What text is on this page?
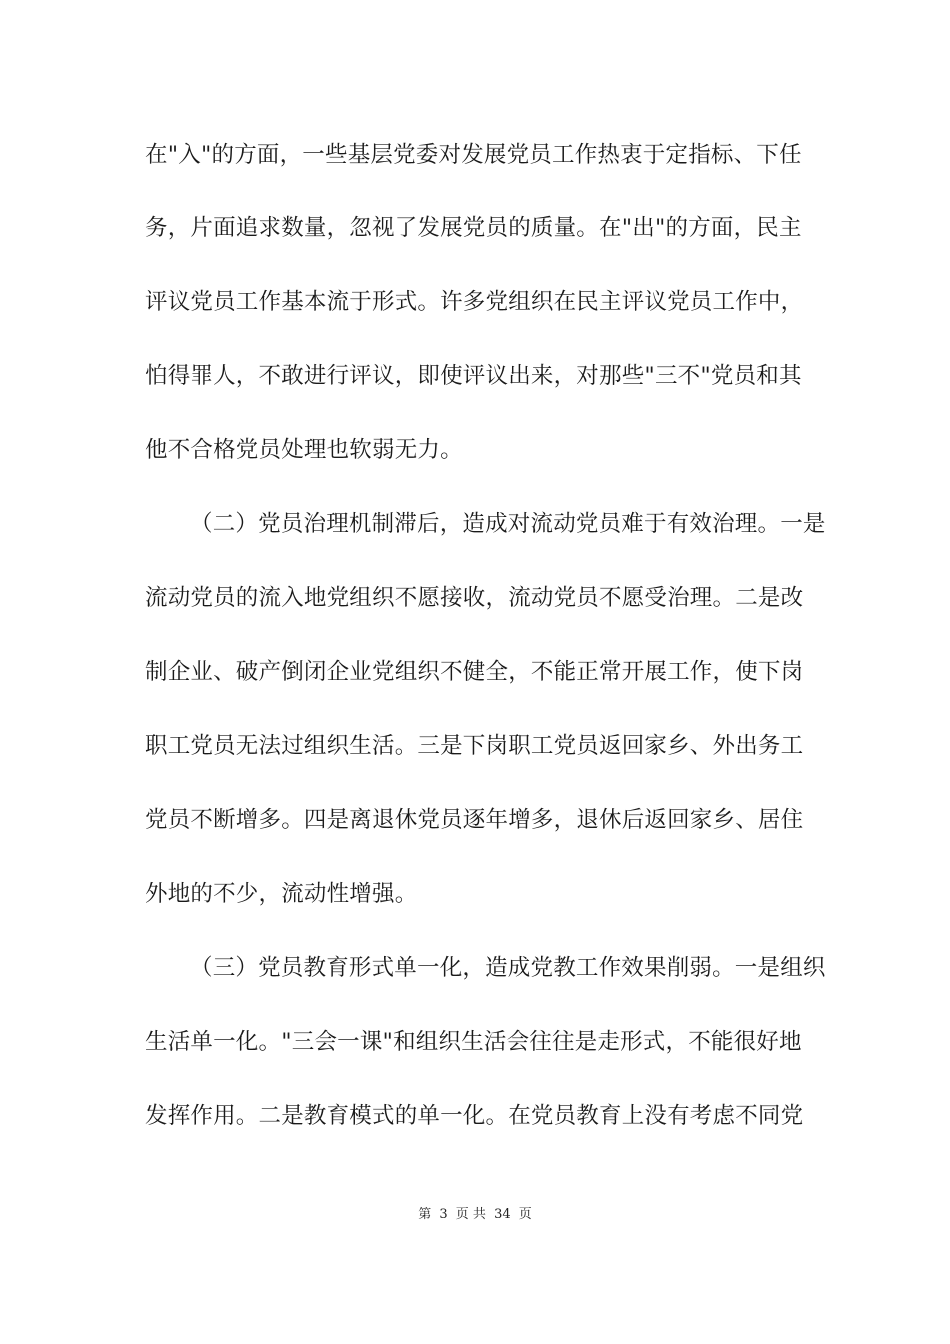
在"入"的方面，一些基层党委对发展党员工作热衷于定指标、下任
务，片面追求数量，忽视了发展党员的质量。在"出"的方面，民主
评议党员工作基本流于形式。许多党组织在民主评议党员工作中，
怕得罪人，不敢进行评议，即使评议出来，对那些"三不"党员和其
他不合格党员处理也软弱无力。
（二）党员治理机制滞后，造成对流动党员难于有效治理。一是
流动党员的流入地党组织不愿接收，流动党员不愿受治理。二是改
制企业、破产倒闭企业党组织不健全，不能正常开展工作，使下岗
职工党员无法过组织生活。三是下岗职工党员返回家乡、外出务工
党员不断增多。四是离退休党员逐年增多，退休后返回家乡、居住
外地的不少，流动性增强。
（三）党员教育形式单一化，造成党教工作效果削弱。一是组织
生活单一化。"三会一课"和组织生活会往往是走形式，不能很好地
发挥作用。二是教育模式的单一化。在党员教育上没有考虑不同党
第 3 页 共 34 页
